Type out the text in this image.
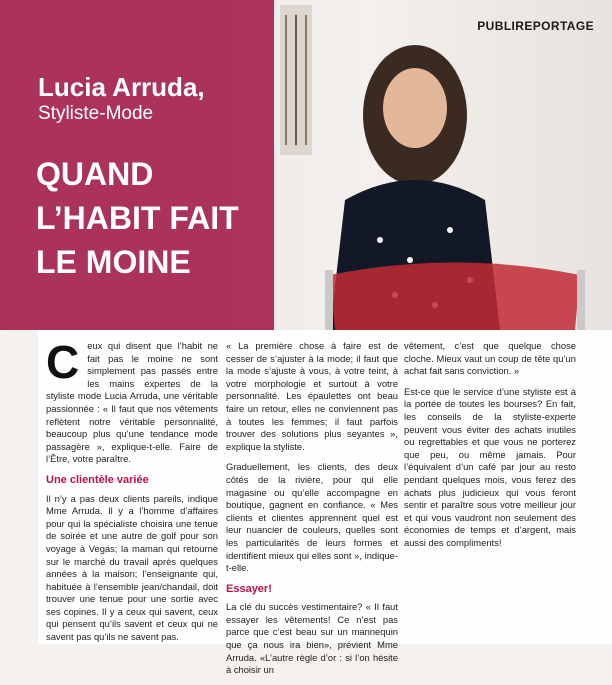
PUBLIREPORTAGE
Lucia Arruda,
Styliste-Mode
QUAND
L’HABIT FAIT
LE MOINE

C eux qui disent que l’habit ne fait pas le moine ne sont simplement pas passés entre les mains expertes de la styliste mode Lucia Arruda, une véritable passionnée : « Il faut que nos vêtements reflètent notre véritable personnalité, beaucoup plus qu’une tendance mode passagère », explique-t-elle. Faire de l’Être, votre paraître.

Une clientèle variée

Il n’y a pas deux clients pareils, indique Mme Arruda. Il y a l’homme d’affaires pour qui la spécialiste choisira une tenue de soirée et une autre de golf pour son voyage à Vegas; la maman qui retourne sur le marché du travail après quelques années à la maison; l’enseignante qui, habituée à l’ensemble jean/chandail, doit trouver une tenue pour une sortie avec ses copines. Il y a ceux qui savent, ceux qui pensent qu’ils savent et ceux qui ne savent pas qu’ils ne savent pas.

« La première chose à faire est de cesser de s’ajuster à la mode; il faut que la mode s’ajuste à vous, à votre teint, à votre morphologie et surtout à votre personnalité. Les épaulettes ont beau faire un retour, elles ne conviennent pas à toutes les femmes; il faut parfois trouver des solutions plus seyantes », explique la styliste.

Graduellement, les clients, des deux côtés de la rivière, pour qui elle magasine ou qu’elle accompagne en boutique, gagnent en confiance. « Mes clients et clientes apprennent quel est leur nuancier de couleurs, quelles sont les particularités de leurs formes et identifient mieux qui elles sont », indique-t-elle.

Essayer!

La clé du succès vestimentaire? « Il faut essayer les vêtements! Ce n’est pas parce que c’est beau sur un mannequin que ça nous ira bien», prévient Mme Arruda. «L’autre règle d’or : si l’on hésite à choisir un

vêtement, c’est que quelque chose cloche. Mieux vaut un coup de tête qu’un achat fait sans conviction. »

Est-ce que le service d’une styliste est à la portée de toutes les bourses? En fait, les conseils de la styliste-experte peuvent vous éviter des achats inutiles ou regrettables et que vous ne porterez que peu, ou même jamais. Pour l’équivalent d’un café par jour au resto pendant quelques mois, vous ferez des achats plus judicieux qui vous feront sentir et paraître sous votre meilleur jour et qui vous vaudront non seulement des économies de temps et d’argent, mais aussi des compliments!
